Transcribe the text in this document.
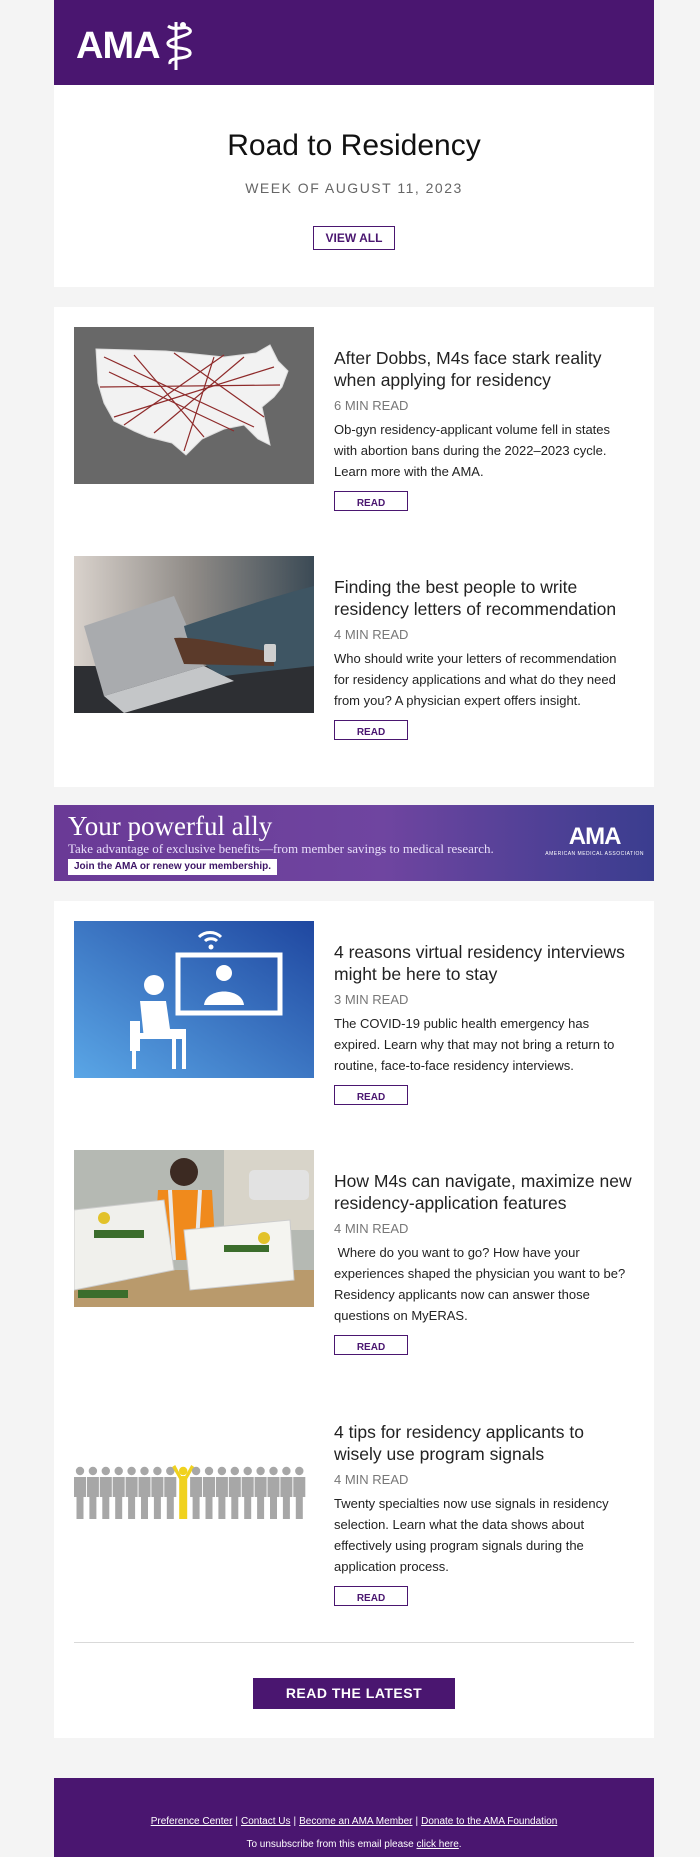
AMA
Road to Residency
WEEK OF AUGUST 11, 2023
VIEW ALL
After Dobbs, M4s face stark reality when applying for residency
6 MIN READ
Ob-gyn residency-applicant volume fell in states with abortion bans during the 2022–2023 cycle. Learn more with the AMA.
READ
Finding the best people to write residency letters of recommendation
4 MIN READ
Who should write your letters of recommendation for residency applications and what do they need from you? A physician expert offers insight.
READ
Your powerful ally
Take advantage of exclusive benefits—from member savings to medical research.
Join the AMA or renew your membership.
AMA
AMERICAN MEDICAL ASSOCIATION
4 reasons virtual residency interviews might be here to stay
3 MIN READ
The COVID-19 public health emergency has expired. Learn why that may not bring a return to routine, face-to-face residency interviews.
READ
How M4s can navigate, maximize new residency-application features
4 MIN READ
Where do you want to go? How have your experiences shaped the physician you want to be? Residency applicants now can answer those questions on MyERAS.
READ
4 tips for residency applicants to wisely use program signals
4 MIN READ
Twenty specialties now use signals in residency selection. Learn what the data shows about effectively using program signals during the application process.
READ
READ THE LATEST
Preference Center | Contact Us | Become an AMA Member | Donate to the AMA Foundation
To unsubscribe from this email please click here.
